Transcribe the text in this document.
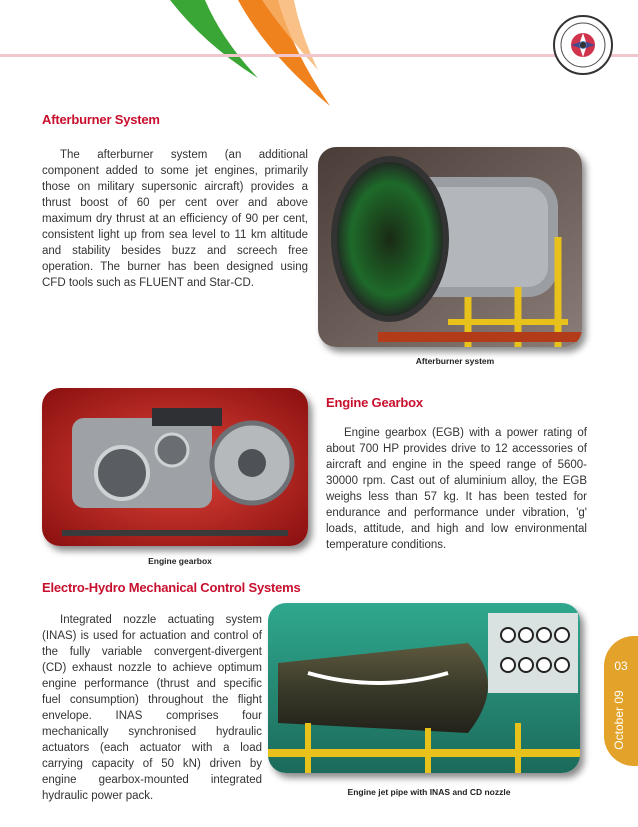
Afterburner System

The afterburner system (an additional component added to some jet engines, primarily those on military supersonic aircraft) provides a thrust boost of 60 per cent over and above maximum dry thrust at an efficiency of 90 per cent, consistent light up from sea level to 11 km altitude and stability besides buzz and screech free operation. The burner has been designed using CFD tools such as FLUENT and Star-CD.

Afterburner system

Engine gearbox

Engine Gearbox

Engine gearbox (EGB) with a power rating of about 700 HP provides drive to 12 accessories of aircraft and engine in the speed range of 5600-30000 rpm. Cast out of aluminium alloy, the EGB weighs less than 57 kg. It has been tested for endurance and performance under vibration, 'g' loads, attitude, and high and low environmental temperature conditions.

Electro-Hydro Mechanical Control Systems

Integrated nozzle actuating system (INAS) is used for actuation and control of the fully variable convergent-divergent (CD) exhaust nozzle to achieve optimum engine performance (thrust and specific fuel consumption) throughout the flight envelope. INAS comprises four mechanically synchronised hydraulic actuators (each actuator with a load carrying capacity of 50 kN) driven by engine gearbox-mounted integrated hydraulic power pack.	Engine jet pipe with INAS and CD nozzle

03
October 09
